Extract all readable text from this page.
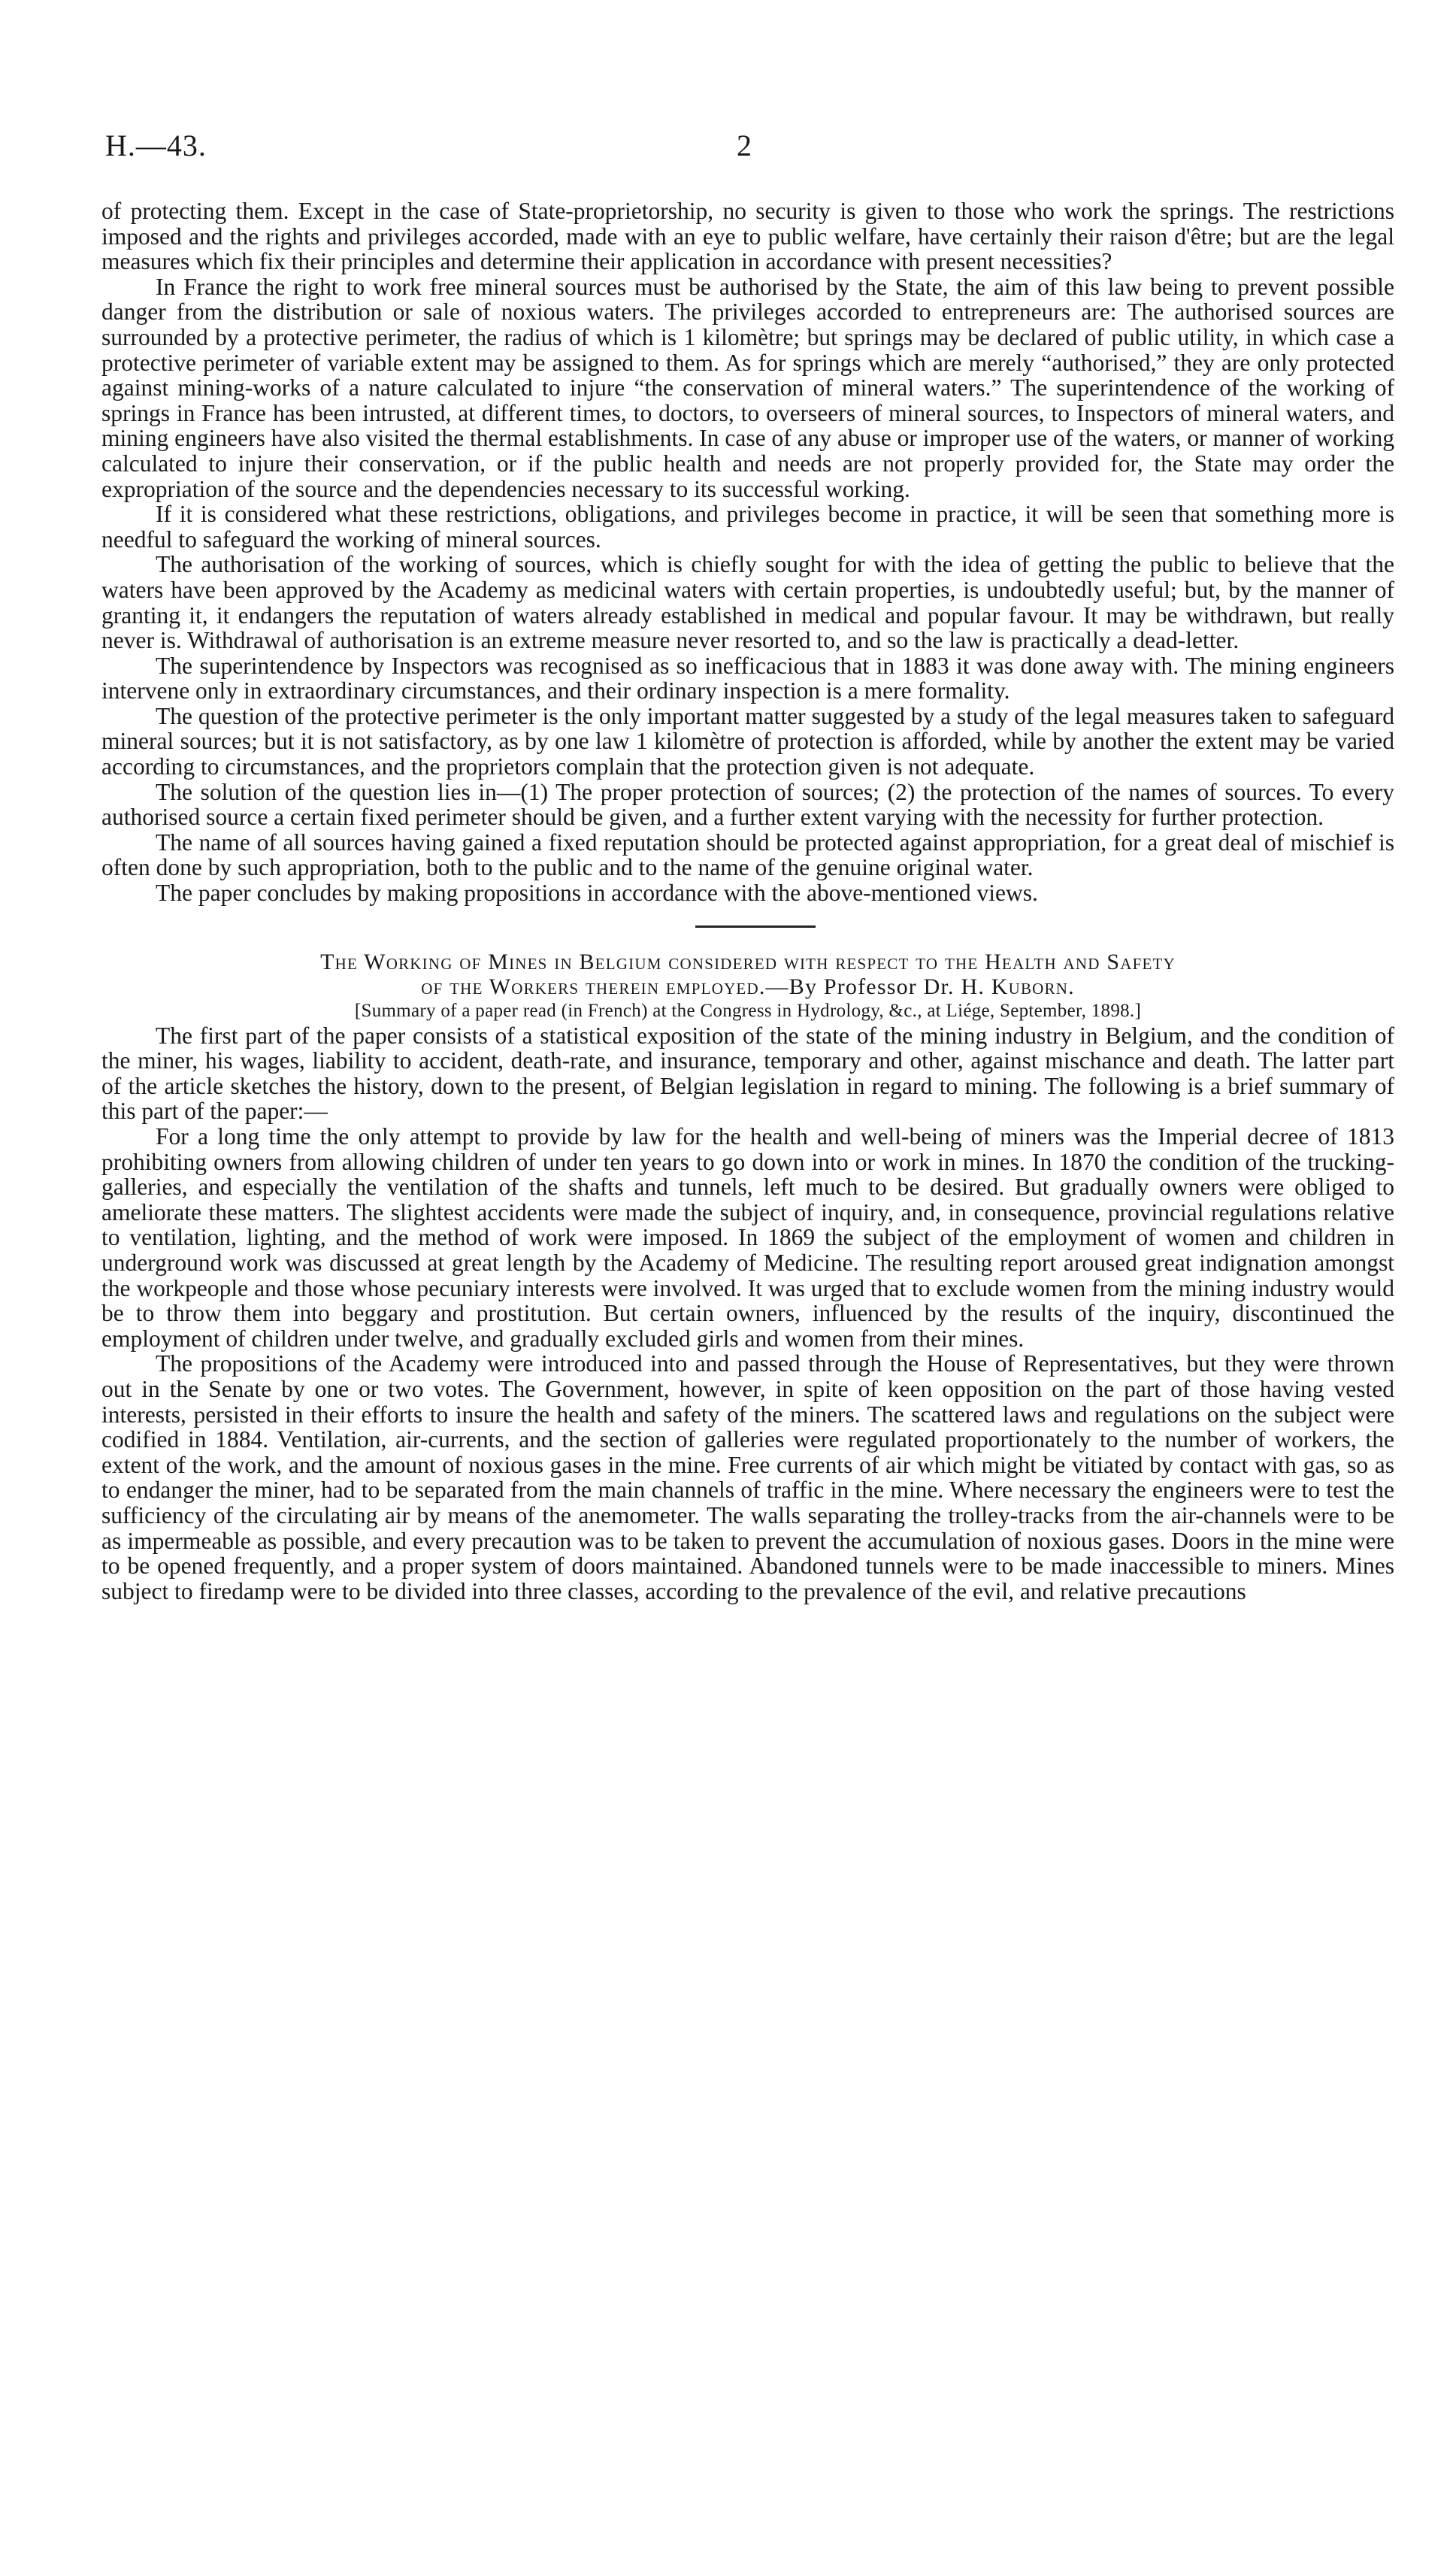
H.—43.	2

of protecting them. Except in the case of State-proprietorship, no security is given to those who work the springs. The restrictions imposed and the rights and privileges accorded, made with an eye to public welfare, have certainly their raison d'être; but are the legal measures which fix their principles and determine their application in accordance with present necessities?

In France the right to work free mineral sources must be authorised by the State, the aim of this law being to prevent possible danger from the distribution or sale of noxious waters. The privileges accorded to entrepreneurs are: The authorised sources are surrounded by a protective perimeter, the radius of which is 1 kilomètre; but springs may be declared of public utility, in which case a protective perimeter of variable extent may be assigned to them. As for springs which are merely “authorised,” they are only protected against mining-works of a nature calculated to injure “the conservation of mineral waters.” The superintendence of the working of springs in France has been intrusted, at different times, to doctors, to overseers of mineral sources, to Inspectors of mineral waters, and mining engineers have also visited the thermal establishments. In case of any abuse or improper use of the waters, or manner of working calculated to injure their conservation, or if the public health and needs are not properly provided for, the State may order the expropriation of the source and the dependencies necessary to its successful working.

If it is considered what these restrictions, obligations, and privileges become in practice, it will be seen that something more is needful to safeguard the working of mineral sources.

The authorisation of the working of sources, which is chiefly sought for with the idea of getting the public to believe that the waters have been approved by the Academy as medicinal waters with certain properties, is undoubtedly useful; but, by the manner of granting it, it endangers the reputation of waters already established in medical and popular favour. It may be withdrawn, but really never is. Withdrawal of authorisation is an extreme measure never resorted to, and so the law is practically a dead-letter.

The superintendence by Inspectors was recognised as so inefficacious that in 1883 it was done away with. The mining engineers intervene only in extraordinary circumstances, and their ordinary inspection is a mere formality.

The question of the protective perimeter is the only important matter suggested by a study of the legal measures taken to safeguard mineral sources; but it is not satisfactory, as by one law 1 kilomètre of protection is afforded, while by another the extent may be varied according to circumstances, and the proprietors complain that the protection given is not adequate.

The solution of the question lies in—(1) The proper protection of sources; (2) the protection of the names of sources. To every authorised source a certain fixed perimeter should be given, and a further extent varying with the necessity for further protection.

The name of all sources having gained a fixed reputation should be protected against appropriation, for a great deal of mischief is often done by such appropriation, both to the public and to the name of the genuine original water.

The paper concludes by making propositions in accordance with the above-mentioned views.

The Working of Mines in Belgium considered with respect to the Health and Safety
of the Workers therein employed.—By Professor Dr. H. Kuborn.

[Summary of a paper read (in French) at the Congress in Hydrology, &c., at Liége, September, 1898.]

The first part of the paper consists of a statistical exposition of the state of the mining industry in Belgium, and the condition of the miner, his wages, liability to accident, death-rate, and insurance, temporary and other, against mischance and death. The latter part of the article sketches the history, down to the present, of Belgian legislation in regard to mining. The following is a brief summary of this part of the paper:—

For a long time the only attempt to provide by law for the health and well-being of miners was the Imperial decree of 1813 prohibiting owners from allowing children of under ten years to go down into or work in mines. In 1870 the condition of the trucking-galleries, and especially the ventilation of the shafts and tunnels, left much to be desired. But gradually owners were obliged to ameliorate these matters. The slightest accidents were made the subject of inquiry, and, in consequence, provincial regulations relative to ventilation, lighting, and the method of work were imposed. In 1869 the subject of the employment of women and children in underground work was discussed at great length by the Academy of Medicine. The resulting report aroused great indignation amongst the workpeople and those whose pecuniary interests were involved. It was urged that to exclude women from the mining industry would be to throw them into beggary and prostitution. But certain owners, influenced by the results of the inquiry, discontinued the employment of children under twelve, and gradually excluded girls and women from their mines.

The propositions of the Academy were introduced into and passed through the House of Representatives, but they were thrown out in the Senate by one or two votes. The Government, however, in spite of keen opposition on the part of those having vested interests, persisted in their efforts to insure the health and safety of the miners. The scattered laws and regulations on the subject were codified in 1884. Ventilation, air-currents, and the section of galleries were regulated proportionately to the number of workers, the extent of the work, and the amount of noxious gases in the mine. Free currents of air which might be vitiated by contact with gas, so as to endanger the miner, had to be separated from the main channels of traffic in the mine. Where necessary the engineers were to test the sufficiency of the circulating air by means of the anemometer. The walls separating the trolley-tracks from the air-channels were to be as impermeable as possible, and every precaution was to be taken to prevent the accumulation of noxious gases. Doors in the mine were to be opened frequently, and a proper system of doors maintained. Abandoned tunnels were to be made inaccessible to miners. Mines subject to firedamp were to be divided into three classes, according to the prevalence of the evil, and relative precautions
